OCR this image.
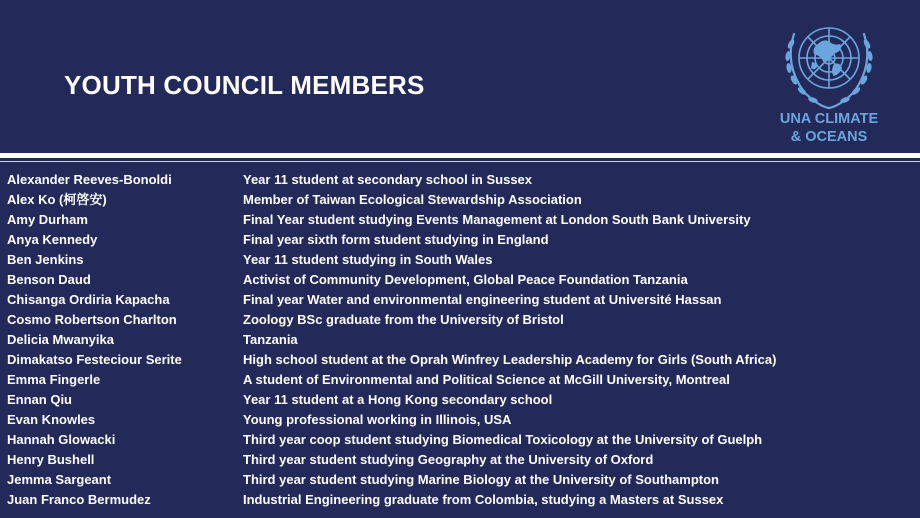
YOUTH COUNCIL MEMBERS
UNA CLIMATE
& OCEANS
Alexander Reeves-Bonoldi	Year 11 student at secondary school in Sussex
Alex Ko (柯啓安)	Member of Taiwan Ecological Stewardship Association
Amy Durham	Final Year student studying Events Management at London South Bank University
Anya Kennedy	Final year sixth form student studying in England
Ben Jenkins	Year 11 student studying in South Wales
Benson Daud	Activist of Community Development, Global Peace Foundation Tanzania
Chisanga Ordiria Kapacha	Final year Water and environmental engineering student at Université Hassan
Cosmo Robertson Charlton	Zoology BSc graduate from the University of Bristol
Delicia Mwanyika	Tanzania
Dimakatso Festeciour Serite	High school student at the Oprah Winfrey Leadership Academy for Girls (South Africa)
Emma Fingerle	A student of Environmental and Political Science at McGill University, Montreal
Ennan Qiu	Year 11 student at a Hong Kong secondary school
Evan Knowles	Young professional working in Illinois, USA
Hannah Glowacki	Third year coop student studying Biomedical Toxicology at the University of Guelph
Henry Bushell	Third year student studying Geography at the University of Oxford
Jemma Sargeant	Third year student studying Marine Biology at the University of Southampton
Juan Franco Bermudez	Industrial Engineering graduate from Colombia, studying a Masters at Sussex
